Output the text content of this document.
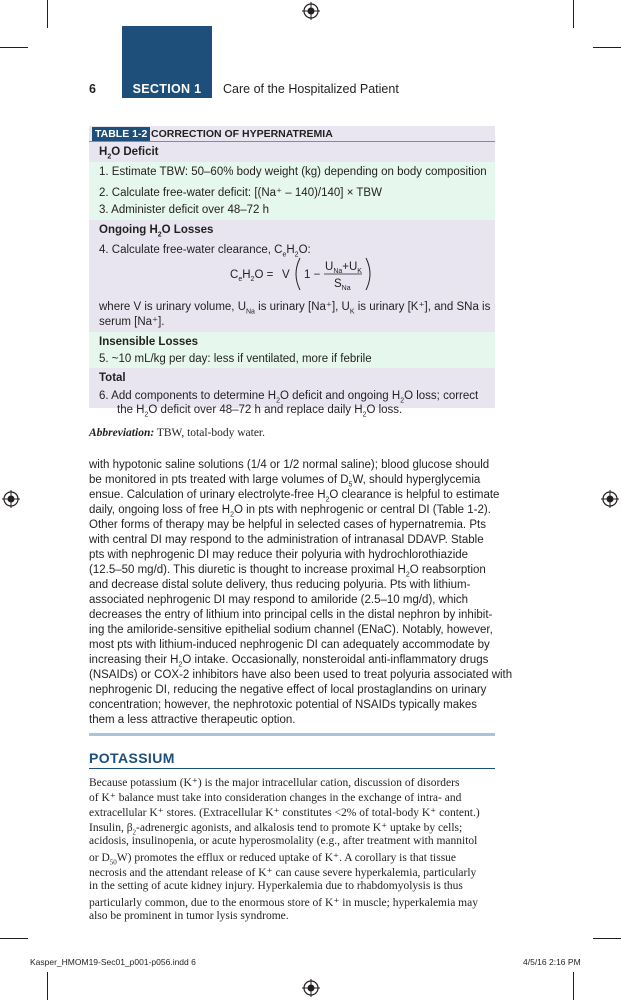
6	SECTION 1	Care of the Hospitalized Patient
TABLE 1-2 CORRECTION OF HYPERNATREMIA
$H_2O$ Deficit
1. Estimate TBW: 50–60% body weight (kg) depending on body composition
2. Calculate free-water deficit: [(Na⁺ – 140)/140] × TBW
3. Administer deficit over 48–72 h
Ongoing $H_2O$ Losses
4. Calculate free-water clearance, $C_eH_2O$:
$C_eH_2O = V$ 1 −
$U_{Na}+U_K$
$S_{Na}$
where V is urinary volume, $U_{Na}$ is urinary [Na⁺], $U_K$ is urinary [K⁺], and SNa is
serum [Na⁺].
Insensible Losses
5. ~10 mL/kg per day: less if ventilated, more if febrile
Total
6. Add components to determine $H_2O$ deficit and ongoing $H_2O$ loss; correct
the $H_2O$ deficit over 48–72 h and replace daily $H_2O$ loss.
Abbreviation: TBW, total-body water.
with hypotonic saline solutions (1/4 or 1/2 normal saline); blood glucose should
be monitored in pts treated with large volumes of $D_5W$, should hyperglycemia
ensue. Calculation of urinary electrolyte-free $H_2O$ clearance is helpful to estimate
daily, ongoing loss of free $H_2O$ in pts with nephrogenic or central DI (Table 1-2).
Other forms of therapy may be helpful in selected cases of hypernatremia. Pts
with central DI may respond to the administration of intranasal DDAVP. Stable
pts with nephrogenic DI may reduce their polyuria with hydrochlorothiazide
(12.5–50 mg/d). This diuretic is thought to increase proximal $H_2O$ reabsorption
and decrease distal solute delivery, thus reducing polyuria. Pts with lithium-
associated nephrogenic DI may respond to amiloride (2.5–10 mg/d), which
decreases the entry of lithium into principal cells in the distal nephron by inhibit-
ing the amiloride-sensitive epithelial sodium channel (ENaC). Notably, however,
most pts with lithium-induced nephrogenic DI can adequately accommodate by
increasing their $H_2O$ intake. Occasionally, nonsteroidal anti-inflammatory drugs
(NSAIDs) or COX-2 inhibitors have also been used to treat polyuria associated with
nephrogenic DI, reducing the negative effect of local prostaglandins on urinary
concentration; however, the nephrotoxic potential of NSAIDs typically makes
them a less attractive therapeutic option.
POTASSIUM
Because potassium (K⁺) is the major intracellular cation, discussion of disorders
of K⁺ balance must take into consideration changes in the exchange of intra- and
extracellular K⁺ stores. (Extracellular K⁺ constitutes <2% of total-body K⁺ content.)
Insulin, $\beta_2$-adrenergic agonists, and alkalosis tend to promote K⁺ uptake by cells;
acidosis, insulinopenia, or acute hyperosmolality (e.g., after treatment with mannitol
or $D_{50}W$) promotes the efflux or reduced uptake of K⁺. A corollary is that tissue
necrosis and the attendant release of K⁺ can cause severe hyperkalemia, particularly
in the setting of acute kidney injury. Hyperkalemia due to rhabdomyolysis is thus
particularly common, due to the enormous store of K⁺ in muscle; hyperkalemia may
also be prominent in tumor lysis syndrome.
Kasper_HMOM19-Sec01_p001-p056.indd 6	4/5/16 2:16 PM
